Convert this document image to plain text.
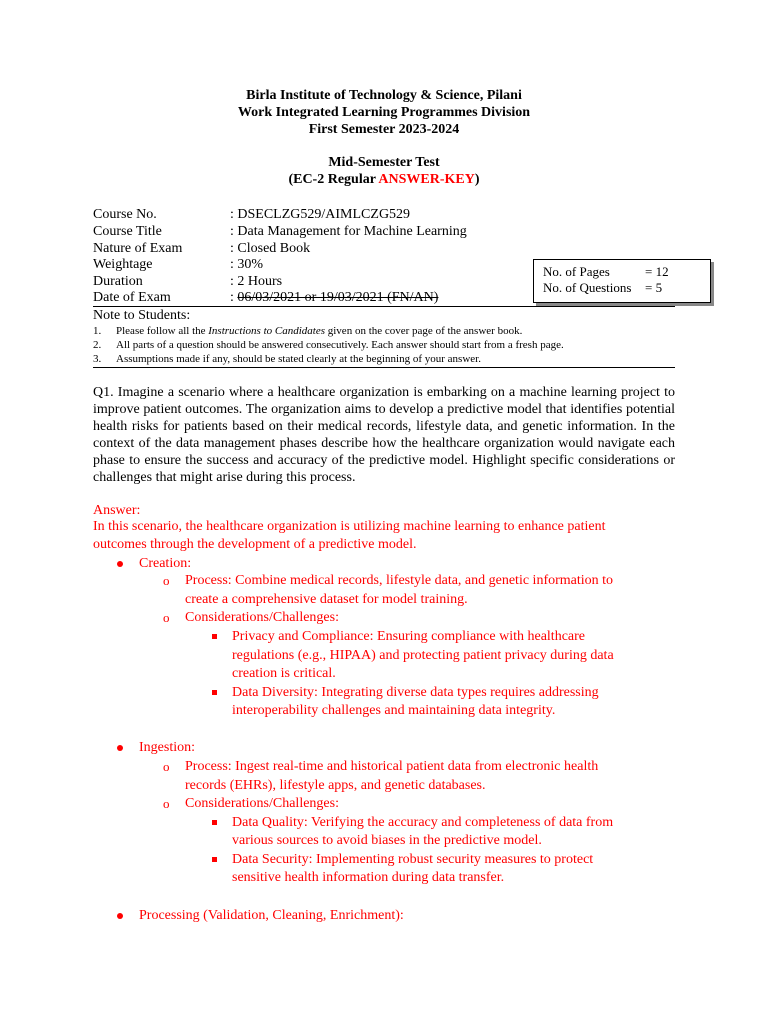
Birla Institute of Technology & Science, Pilani
Work Integrated Learning Programmes Division
First Semester 2023-2024
Mid-Semester Test
(EC-2 Regular ANSWER-KEY)
Course No.	: DSECLZG529/AIMLCZG529
Course Title	: Data Management for Machine Learning
Nature of Exam	: Closed Book
Weightage	: 30%
Duration	: 2 Hours
Date of Exam	: 06/03/2021 or 19/03/2021 (FN/AN)
No. of Pages	= 12
No. of Questions = 5
Note to Students:
1. Please follow all the Instructions to Candidates given on the cover page of the answer book.
2. All parts of a question should be answered consecutively. Each answer should start from a fresh page.
3. Assumptions made if any, should be stated clearly at the beginning of your answer.
Q1. Imagine a scenario where a healthcare organization is embarking on a machine learning project to improve patient outcomes. The organization aims to develop a predictive model that identifies potential health risks for patients based on their medical records, lifestyle data, and genetic information. In the context of the data management phases describe how the healthcare organization would navigate each phase to ensure the success and accuracy of the predictive model. Highlight specific considerations or challenges that might arise during this process.
Answer:
In this scenario, the healthcare organization is utilizing machine learning to enhance patient
outcomes through the development of a predictive model.
Creation:
o Process: Combine medical records, lifestyle data, and genetic information to
create a comprehensive dataset for model training.
o Considerations/Challenges:
Privacy and Compliance: Ensuring compliance with healthcare
regulations (e.g., HIPAA) and protecting patient privacy during data
creation is critical.
Data Diversity: Integrating diverse data types requires addressing
interoperability challenges and maintaining data integrity.
Ingestion:
o Process: Ingest real-time and historical patient data from electronic health
records (EHRs), lifestyle apps, and genetic databases.
o Considerations/Challenges:
Data Quality: Verifying the accuracy and completeness of data from
various sources to avoid biases in the predictive model.
Data Security: Implementing robust security measures to protect
sensitive health information during data transfer.
Processing (Validation, Cleaning, Enrichment):
